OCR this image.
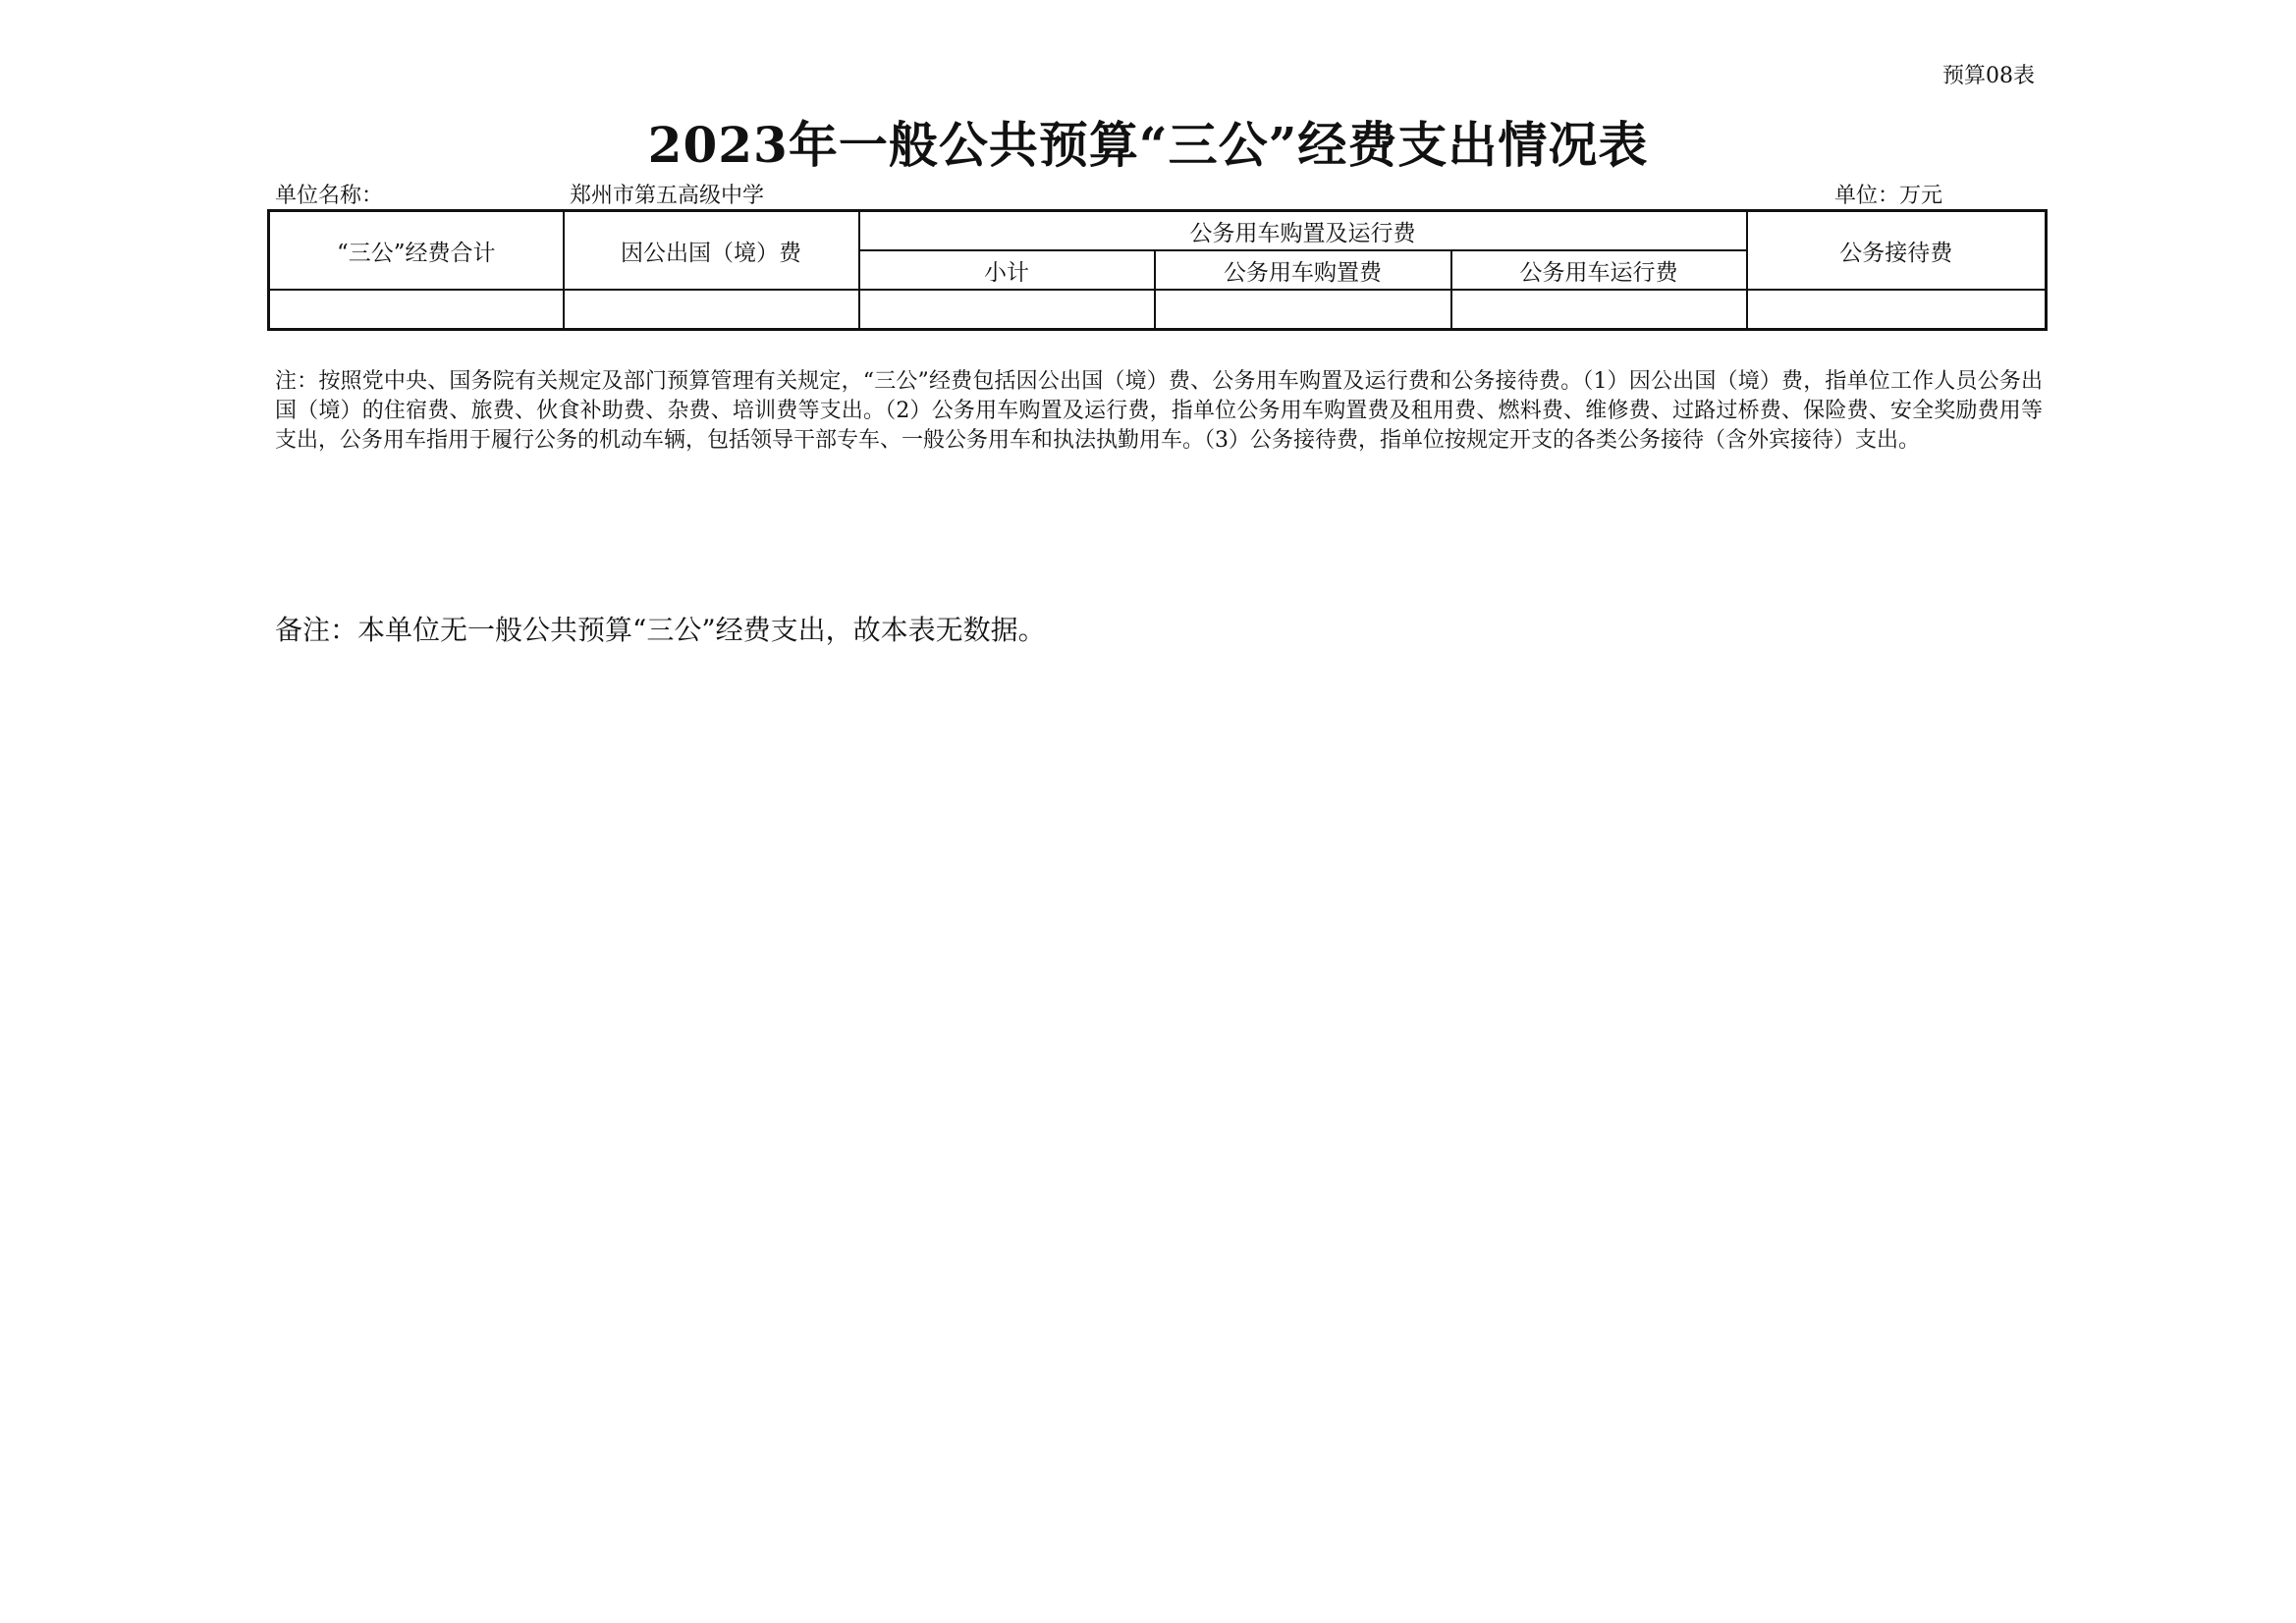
预算08表
2023年一般公共预算“三公”经费支出情况表
单位名称：	郑州市第五高级中学	单位：万元
“三公”经费合计	因公出国（境）费	公务用车购置及运行费			公务接待费
		小计	公务用车购置费	公务用车运行费	

注：按照党中央、国务院有关规定及部门预算管理有关规定，“三公”经费包括因公出国（境）费、公务用车购置及运行费和公务接待费。（1）因公出国（境）费，指单位工作人员公务出国（境）的住宿费、旅费、伙食补助费、杂费、培训费等支出。（2）公务用车购置及运行费，指单位公务用车购置费及租用费、燃料费、维修费、过路过桥费、保险费、安全奖励费用等支出，公务用车指用于履行公务的机动车辆，包括领导干部专车、一般公务用车和执法执勤用车。（3）公务接待费，指单位按规定开支的各类公务接待（含外宾接待）支出。
备注：本单位无一般公共预算“三公”经费支出，故本表无数据。
